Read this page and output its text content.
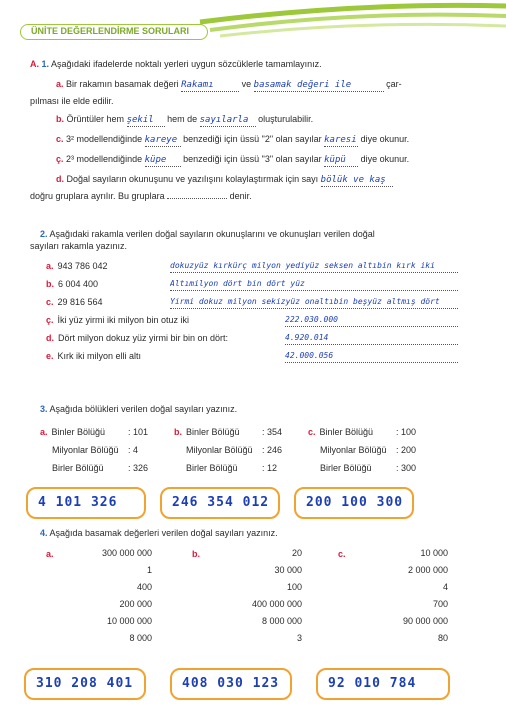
ÜNİTE DEĞERLENDİRME SORULARI
A. 1. Aşağıdaki ifadelerde noktalı yerleri uygun sözcüklerle tamamlayınız.
a. Bir rakamın basamak değeri Rakamı	ve basamak değeri ile	çar-
pılması ile elde edilir.
b. Örüntüler hem şekil hem de sayılarla oluşturulabilir.
c. 3² modellendiğinde kareye benzediği için üssü "2" olan sayılar karesi diye okunur.
ç. 2³ modellendiğinde küpe benzediği için üssü "3" olan sayılar küpü diye okunur.
d. Doğal sayıların okunuşunu ve yazılışını kolaylaştırmak için sayı bölük ve kaş
doğru gruplara ayrılır. Bu gruplara	denir.
2. Aşağıdaki rakamla verilen doğal sayıların okunuşlarını ve okunuşları verilen doğal
sayıları rakamla yazınız.
a. 943 786 042	dokuzyüz kırkürç milyon yediyüz seksen altıbin kırk iki
b. 6 004 400	Altımilyon dört bin dört yüz
c. 29 816 564	Yirmi dokuz milyon sekizyüz onaltıbin beşyüz altmış dört
ç. İki yüz yirmi iki milyon bin otuz iki	222.030.000
d. Dört milyon dokuz yüz yirmi bir bin on dört:	4.920.014
e. Kırk iki milyon elli altı	42.000.056
3. Aşağıda bölükleri verilen doğal sayıları yazınız.
a. Binler Bölüğü	: 101
Milyonlar Bölüğü : 4
Birler Bölüğü	: 326
4 101 326
b. Binler Bölüğü : 354
Milyonlar Bölüğü : 246
Birler Bölüğü	: 12
246 354 012
c. Binler Bölüğü	: 100
Milyonlar Bölüğü : 200
Birler Bölüğü	: 300
200 100 300
4. Aşağıda basamak değerleri verilen doğal sayıları yazınız.
a.	300 000 000
1
400
200 000
10 000 000
8 000
310 208 401
b.	20
30 000
100
400 000 000
8 000 000
3
408 030 123
c.	10 000
2 000 000
4
700
90 000 000
80
92 010 784
